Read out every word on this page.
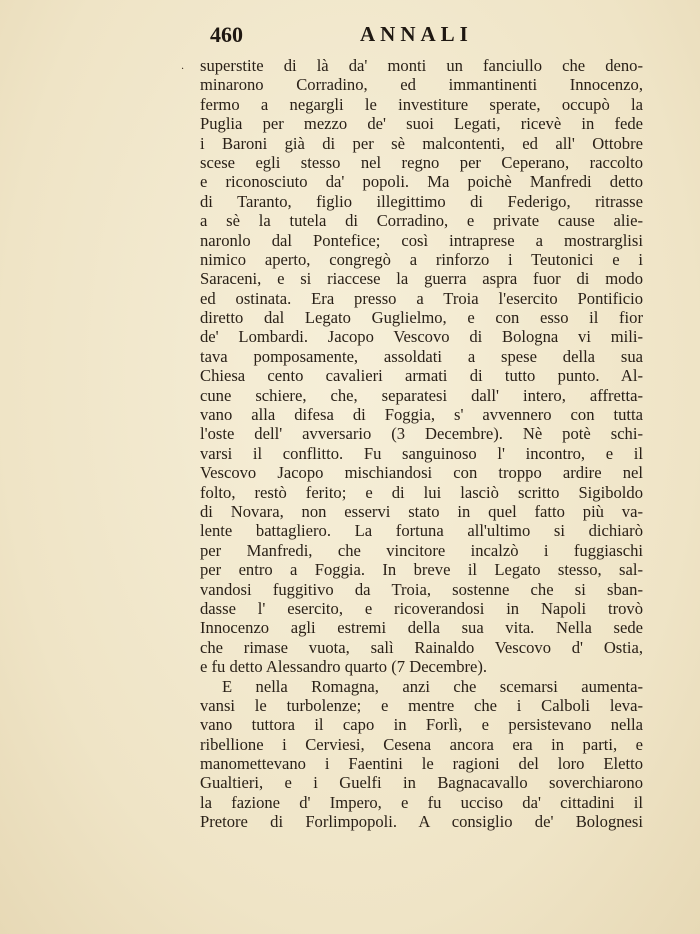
460	ANNALI
· superstite di là da' monti un fanciullo che deno-
minarono Corradino, ed immantinenti Innocenzo,
fermo a negargli le investiture sperate, occupò la
Puglia per mezzo de' suoi Legati, ricevè in fede
i Baroni già di per sè malcontenti, ed all' Ottobre
scese egli stesso nel regno per Ceperano, raccolto
e riconosciuto da' popoli. Ma poichè Manfredi detto
di Taranto, figlio illegittimo di Federigo, ritrasse
a sè la tutela di Corradino, e private cause alie-
naronlo dal Pontefice; così intraprese a mostrarglisi
nimico aperto, congregò a rinforzo i Teutonici e i
Saraceni, e si riaccese la guerra aspra fuor di modo
ed ostinata. Era presso a Troia l'esercito Pontificio
diretto dal Legato Guglielmo, e con esso il fior
de' Lombardi. Jacopo Vescovo di Bologna vi mili-
tava pomposamente, assoldati a spese della sua
Chiesa cento cavalieri armati di tutto punto. Al-
cune schiere, che, separatesi dall' intero, affretta-
vano alla difesa di Foggia, s' avvennero con tutta
l'oste dell' avversario (3 Decembre). Nè potè schi-
varsi il conflitto. Fu sanguinoso l' incontro, e il
Vescovo Jacopo mischiandosi con troppo ardire nel
folto, restò ferito; e di lui lasciò scritto Sigiboldo
di Novara, non esservi stato in quel fatto più va-
lente battagliero. La fortuna all'ultimo si dichiarò
per Manfredi, che vincitore incalzò i fuggiaschi
per entro a Foggia. In breve il Legato stesso, sal-
vandosi fuggitivo da Troia, sostenne che si sban-
dasse l' esercito, e ricoverandosi in Napoli trovò
Innocenzo agli estremi della sua vita. Nella sede
che rimase vuota, salì Rainaldo Vescovo d' Ostia,
e fu detto Alessandro quarto (7 Decembre).
E nella Romagna, anzi che scemarsi aumenta-
vansi le turbolenze; e mentre che i Calboli leva-
vano tuttora il capo in Forlì, e persistevano nella
ribellione i Cerviesi, Cesena ancora era in parti, e
manomettevano i Faentini le ragioni del loro Eletto
Gualtieri, e i Guelfi in Bagnacavallo soverchiarono
la fazione d' Impero, e fu ucciso da' cittadini il
Pretore di Forlimpopoli. A consiglio de' Bolognesi
